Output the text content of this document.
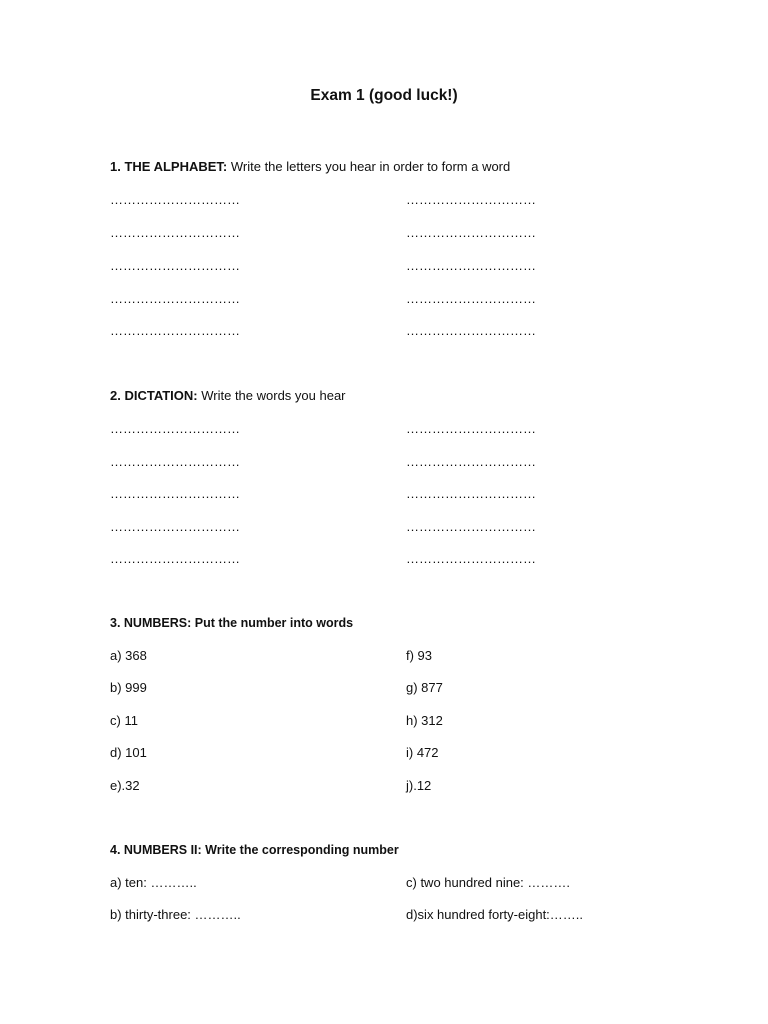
Exam 1 (good luck!)
1. THE ALPHABET: Write the letters you hear in order to form a word
…………………………	…………………………
…………………………	…………………………
…………………………	…………………………
…………………………	…………………………
…………………………	…………………………
2. DICTATION: Write the words you hear
…………………………	…………………………
…………………………	…………………………
…………………………	…………………………
…………………………	…………………………
…………………………	…………………………
3. NUMBERS: Put the number into words
a) 368	f) 93
b) 999	g) 877
c) 11	h) 312
d) 101	i) 472
e).32	j).12
4. NUMBERS II: Write the corresponding number
a) ten: ………..	c) two hundred nine: ……….
b) thirty-three: ………..	d)six hundred forty-eight:……..
